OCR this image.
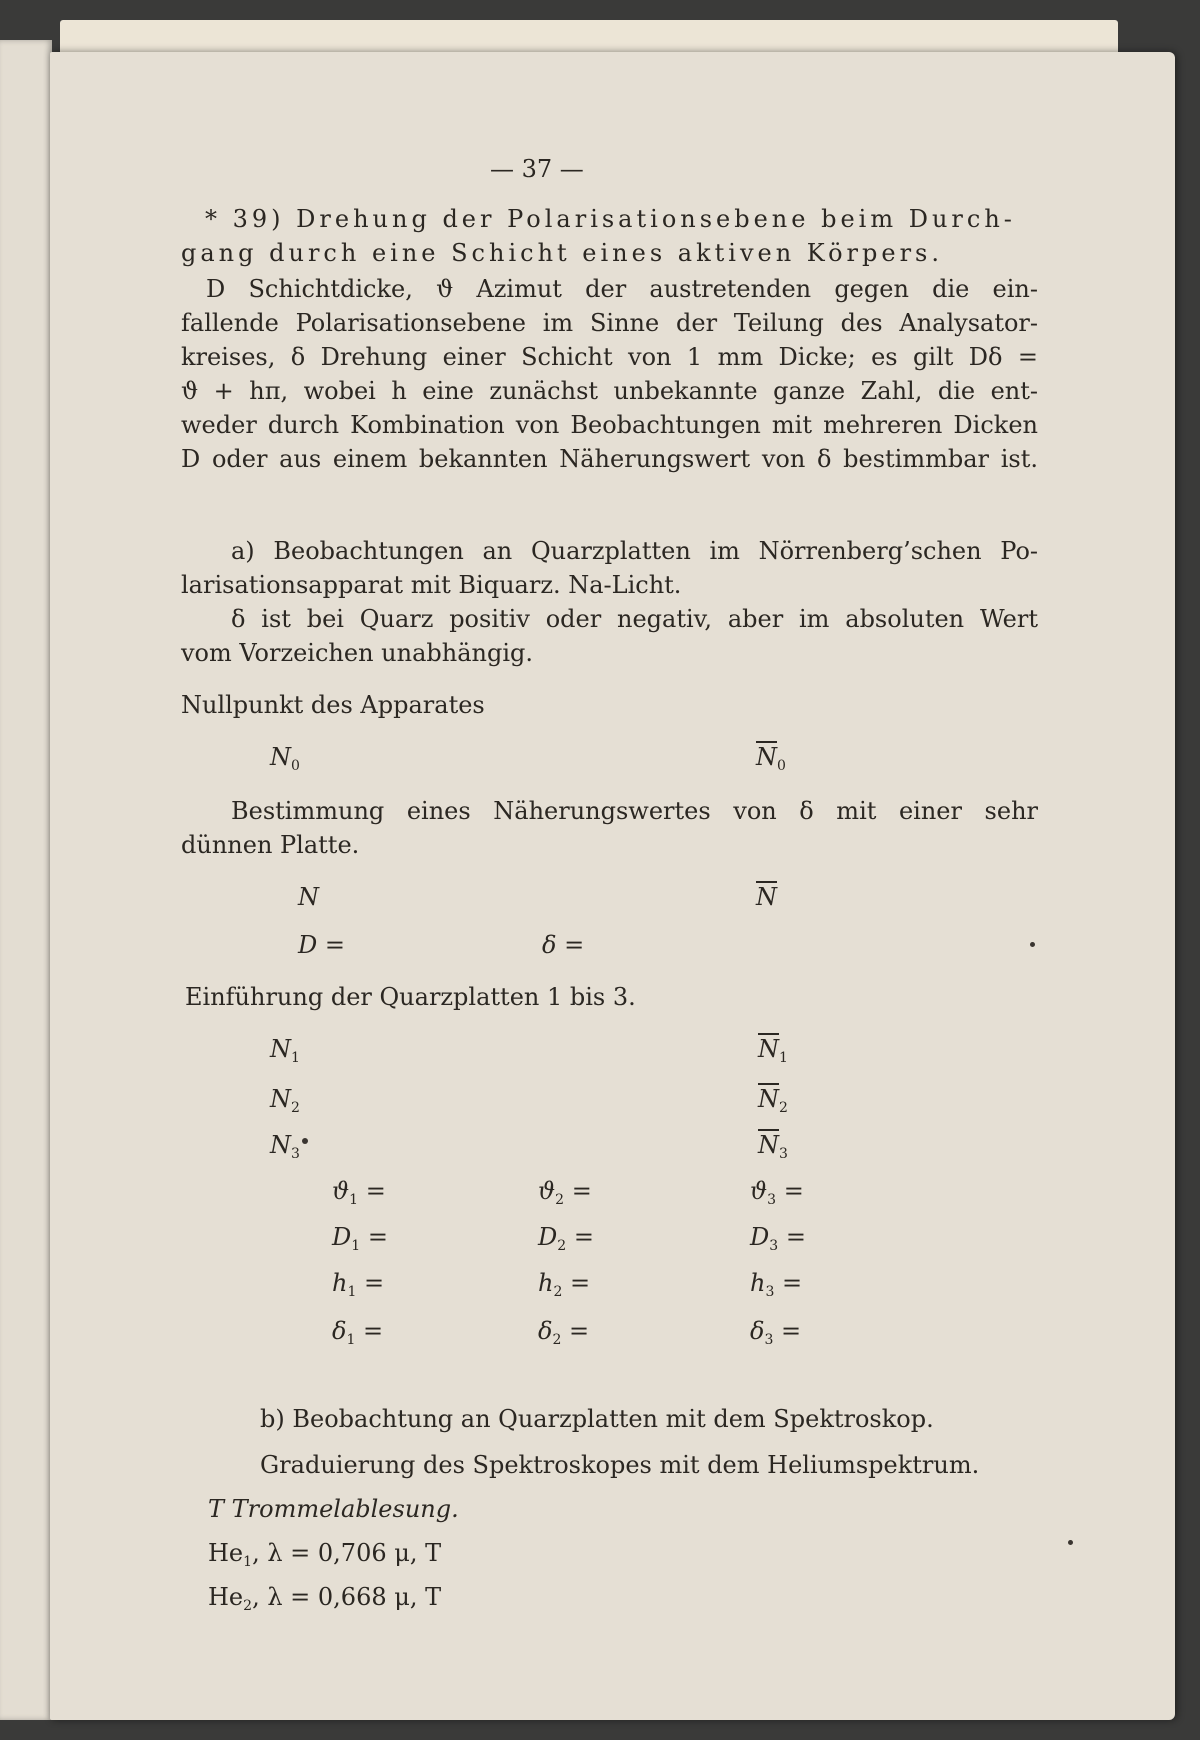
— 37 —
* 39) Drehung der Polarisationsebene beim Durch-
gang durch eine Schicht eines aktiven Körpers.
D Schichtdicke, ϑ Azimut der austretenden gegen die ein-
fallende Polarisationsebene im Sinne der Teilung des Analysator-
kreises, δ Drehung einer Schicht von 1 mm Dicke; es gilt Dδ =
ϑ + hπ, wobei h eine zunächst unbekannte ganze Zahl, die ent-
weder durch Kombination von Beobachtungen mit mehreren Dicken
D oder aus einem bekannten Näherungswert von δ bestimmbar ist.
a) Beobachtungen an Quarzplatten im Nörrenberg’schen Po-
larisationsapparat mit Biquarz. Na-Licht.
δ ist bei Quarz positiv oder negativ, aber im absoluten Wert
vom Vorzeichen unabhängig.
Nullpunkt des Apparates
$N_0$	$\overline{N}_0$
Bestimmung eines Näherungswertes von δ mit einer sehr
dünnen Platte.
N	$\overline{N}$
D =	δ =
Einführung der Quarzplatten 1 bis 3.
$N_1$	$\overline{N}_1$
$N_2$	$\overline{N}_2$
$N_3$	$\overline{N}_3$
$ϑ_1$ =	$ϑ_2$ =	$ϑ_3$ =
$D_1$ =	$D_2$ =	$D_3$ =
$h_1$ =	$h_2$ =	$h_3$ =
$\delta_1$ =	$\delta_2$ =	$\delta_3$ =
b) Beobachtung an Quarzplatten mit dem Spektroskop.
Graduierung des Spektroskopes mit dem Heliumspektrum.
T Trommelablesung.
$He_1$, λ = 0,706 μ, T
$He_2$, λ = 0,668 μ, T
